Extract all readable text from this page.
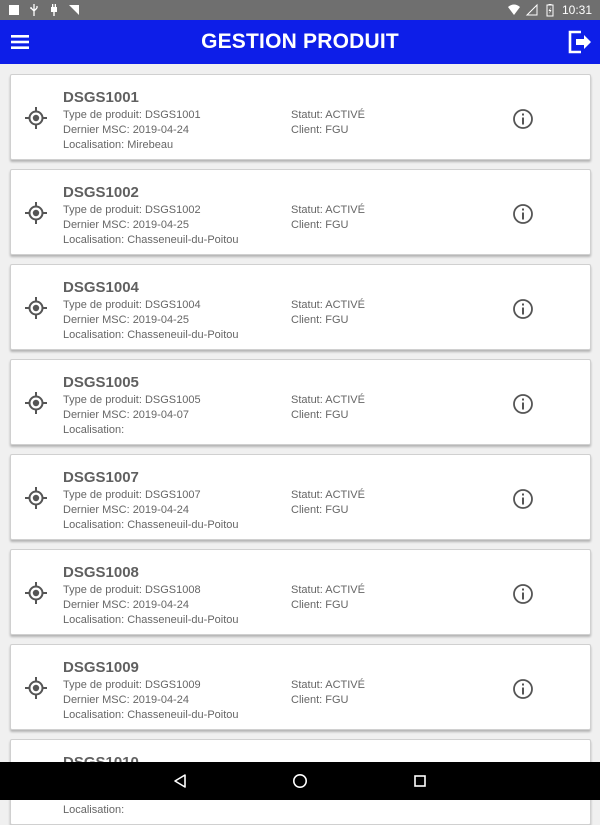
10:31
GESTION PRODUIT
DSGS1001
Type de produit: DSGS1001
Dernier MSC: 2019-04-24
Localisation: Mirebeau
Statut: ACTIVÉ
Client: FGU
DSGS1002
Type de produit: DSGS1002
Dernier MSC: 2019-04-25
Localisation: Chasseneuil-du-Poitou
Statut: ACTIVÉ
Client: FGU
DSGS1004
Type de produit: DSGS1004
Dernier MSC: 2019-04-25
Localisation: Chasseneuil-du-Poitou
Statut: ACTIVÉ
Client: FGU
DSGS1005
Type de produit: DSGS1005
Dernier MSC: 2019-04-07
Localisation:
Statut: ACTIVÉ
Client: FGU
DSGS1007
Type de produit: DSGS1007
Dernier MSC: 2019-04-24
Localisation: Chasseneuil-du-Poitou
Statut: ACTIVÉ
Client: FGU
DSGS1008
Type de produit: DSGS1008
Dernier MSC: 2019-04-24
Localisation: Chasseneuil-du-Poitou
Statut: ACTIVÉ
Client: FGU
DSGS1009
Type de produit: DSGS1009
Dernier MSC: 2019-04-24
Localisation: Chasseneuil-du-Poitou
Statut: ACTIVÉ
Client: FGU
Localisation:
